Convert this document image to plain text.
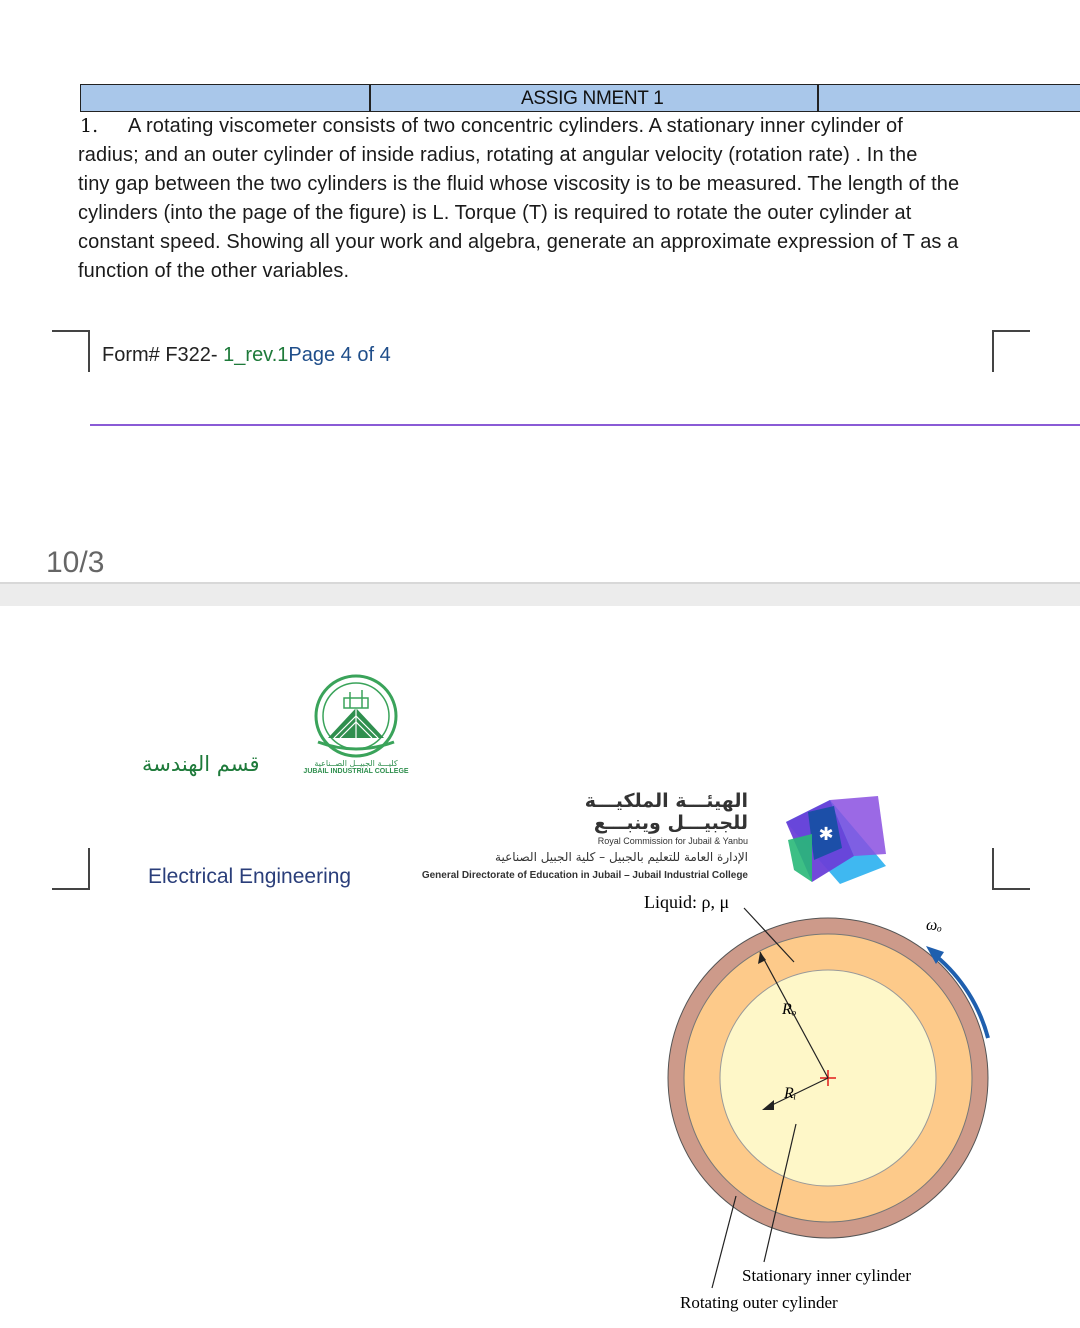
ASSIG NMENT 1
1. A rotating viscometer consists of two concentric cylinders. A stationary inner cylinder of
radius; and an outer cylinder of inside radius, rotating at angular velocity (rotation rate) . In the
tiny gap between the two cylinders is the fluid whose viscosity is to be measured. The length of the
cylinders (into the page of the figure) is L. Torque (T) is required to rotate the outer cylinder at
constant speed. Showing all your work and algebra, generate an approximate expression of T as a
function of the other variables.
Form# F322- 1_rev.1Page 4 of 4
10/3
قسم الهندسة
Electrical Engineering
كليـــة الجبيــل الصــناعية
JUBAIL INDUSTRIAL COLLEGE
الهيئـــة الملكيـــة
للجبيـــل وينبـــع
Royal Commission for Jubail & Yanbu
الإدارة العامة للتعليم بالجبيل – كلية الجبيل الصناعية
General Directorate of Education in Jubail – Jubail Industrial College
✱
Liquid: ρ, μ
ωₒ
Rₒ
Rᵢ
Stationary inner cylinder
Rotating outer cylinder
